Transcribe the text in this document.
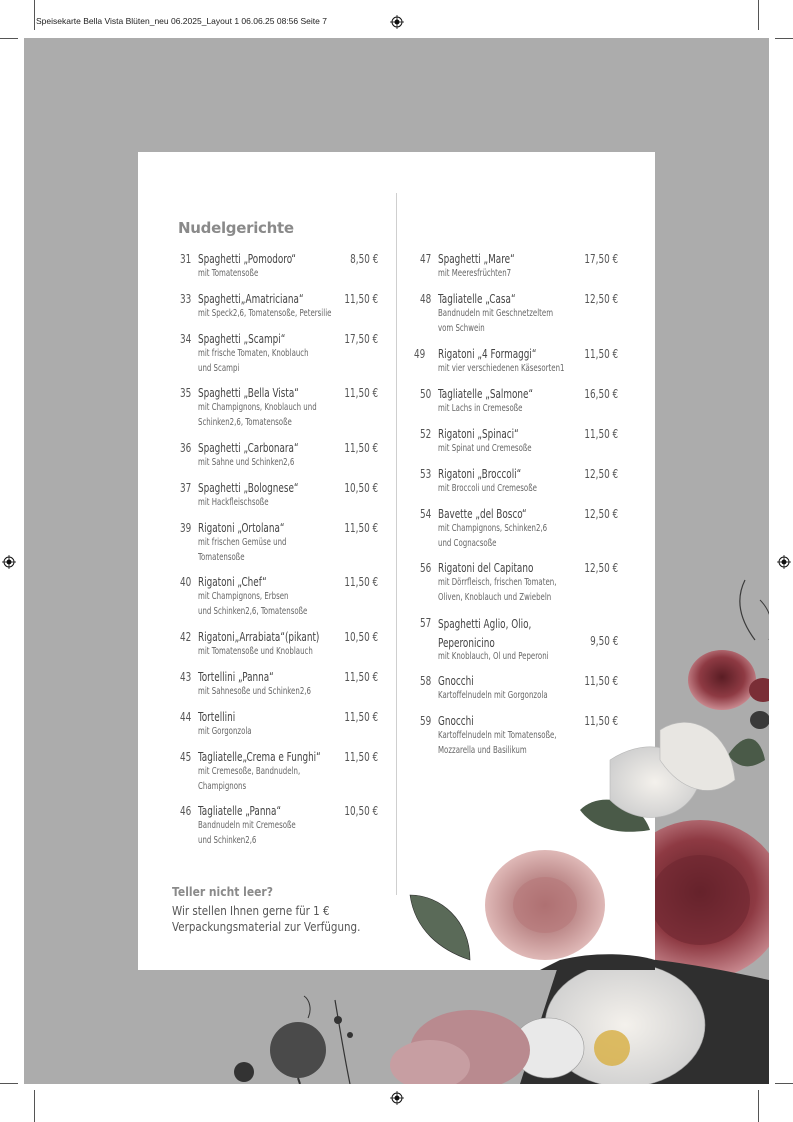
Speisekarte Bella Vista Blüten_neu 06.2025_Layout 1 06.06.25 08:56 Seite 7
Nudelgerichte
31 Spaghetti „Pomodoro“	8,50 €
mit Tomatensoße
33 Spaghetti„Amatriciana“	11,50 €
mit Speck2,6, Tomatensoße, Petersilie
34 Spaghetti „Scampi“	17,50 €
mit frische Tomaten, Knoblauch
und Scampi
35 Spaghetti „Bella Vista“	11,50 €
mit Champignons, Knoblauch und
Schinken2,6, Tomatensoße
36 Spaghetti „Carbonara“	11,50 €
mit Sahne und Schinken2,6
37 Spaghetti „Bolognese“	10,50 €
mit Hackfleischsoße
39 Rigatoni „Ortolana“	11,50 €
mit frischen Gemüse und
Tomatensoße
40 Rigatoni „Chef“	11,50 €
mit Champignons, Erbsen
und Schinken2,6, Tomatensoße
42 Rigatoni„Arrabiata“(pikant) 10,50 €
mit Tomatensoße und Knoblauch
43 Tortellini „Panna“	11,50 €
mit Sahnesoße und Schinken2,6
44 Tortellini	11,50 €
mit Gorgonzola
45 Tagliatelle„Crema e Funghi“ 11,50 €
mit Cremesoße, Bandnudeln,
Champignons
46 Tagliatelle „Panna“	10,50 €
Bandnudeln mit Cremesoße
und Schinken2,6
47 Spaghetti „Mare“	17,50 €
mit Meeresfrüchten7
48 Tagliatelle „Casa“	12,50 €
Bandnudeln mit Geschnetzeltem
vom Schwein
49 Rigatoni „4 Formaggi“	11,50 €
mit vier verschiedenen Käsesorten1
50 Tagliatelle „Salmone“	16,50 €
mit Lachs in Cremesoße
52 Rigatoni „Spinaci“	11,50 €
mit Spinat und Cremesoße
53 Rigatoni „Broccoli“	12,50 €
mit Broccoli und Cremesoße
54 Bavette „del Bosco“	12,50 €
mit Champignons, Schinken2,6
und Cognacsoße
56 Rigatoni del Capitano	12,50 €
mit Dörrfleisch, frischen Tomaten,
Oliven, Knoblauch und Zwiebeln
57 Spaghetti Aglio, Olio,
Peperonicino	9,50 €
mit Knoblauch, Öl und Peperoni
58 Gnocchi	11,50 €
Kartoffelnudeln mit Gorgonzola
59 Gnocchi	11,50 €
Kartoffelnudeln mit Tomatensoße,
Mozzarella und Basilikum
Teller nicht leer?
Wir stellen Ihnen gerne für 1 €
Verpackungsmaterial zur Verfügung.
